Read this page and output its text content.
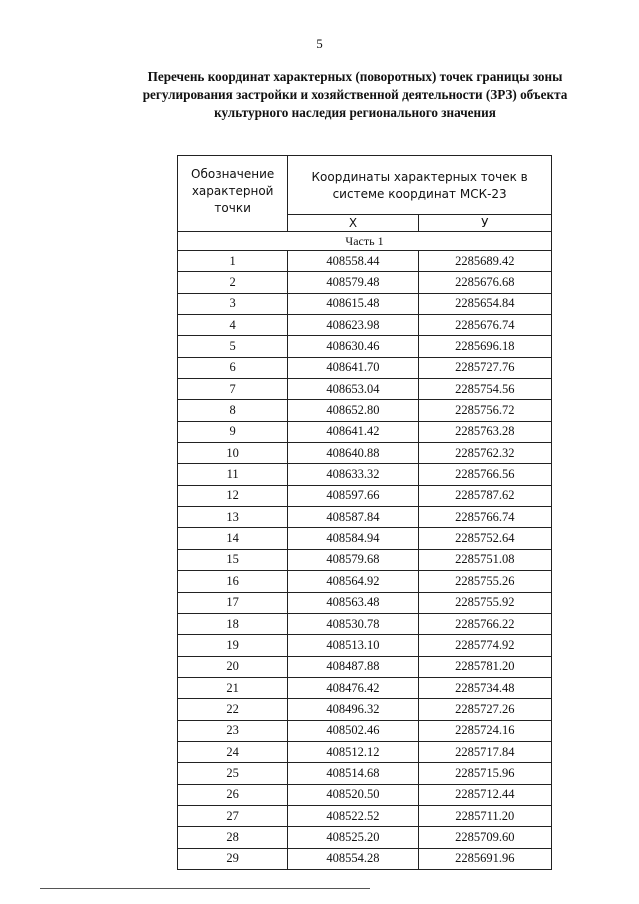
5
Перечень координат характерных (поворотных) точек границы зоны
регулирования застройки и хозяйственной деятельности (ЗРЗ) объекта
культурного наследия регионального значения
Обозначение характерной точки	Координаты характерных точек в системе координат МСК-23	
	Х	У
Часть 1		
1	408558.44	2285689.42
2	408579.48	2285676.68
3	408615.48	2285654.84
4	408623.98	2285676.74
5	408630.46	2285696.18
6	408641.70	2285727.76
7	408653.04	2285754.56
8	408652.80	2285756.72
9	408641.42	2285763.28
10	408640.88	2285762.32
11	408633.32	2285766.56
12	408597.66	2285787.62
13	408587.84	2285766.74
14	408584.94	2285752.64
15	408579.68	2285751.08
16	408564.92	2285755.26
17	408563.48	2285755.92
18	408530.78	2285766.22
19	408513.10	2285774.92
20	408487.88	2285781.20
21	408476.42	2285734.48
22	408496.32	2285727.26
23	408502.46	2285724.16
24	408512.12	2285717.84
25	408514.68	2285715.96
26	408520.50	2285712.44
27	408522.52	2285711.20
28	408525.20	2285709.60
29	408554.28	2285691.96
